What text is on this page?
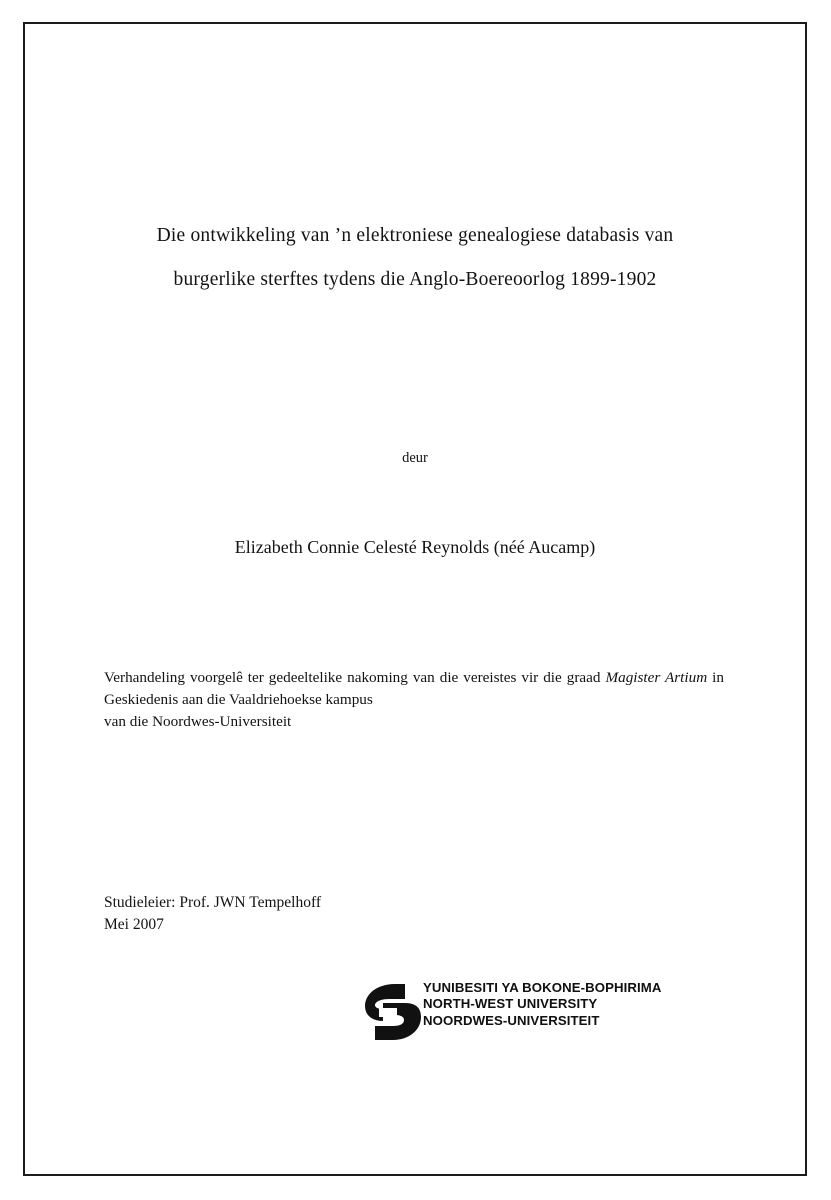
Die ontwikkeling van ’n elektroniese genealogiese databasis van
burgerlike sterftes tydens die Anglo-Boereoorlog 1899-1902
deur
Elizabeth Connie Celesté Reynolds (néé Aucamp)

Verhandeling voorgelê ter gedeeltelike nakoming van die vereistes vir die graad Magister Artium in Geskiedenis aan die Vaaldriehoekse kampus

van die Noordwes-Universiteit

Studieleier: Prof. JWN Tempelhoff
Mei 2007
YUNIBESITI YA BOKONE-BOPHIRIMA
NORTH-WEST UNIVERSITY
NOORDWES-UNIVERSITEIT
